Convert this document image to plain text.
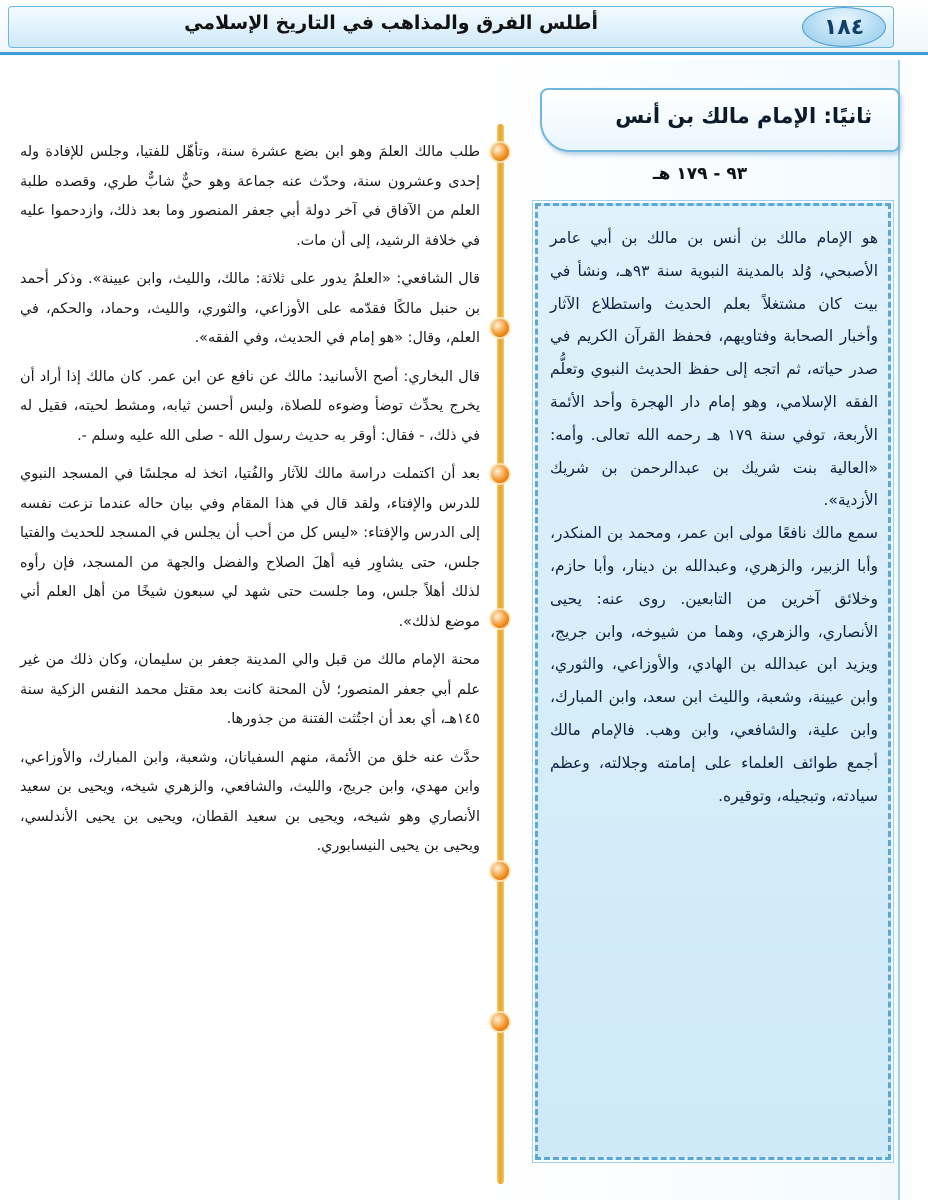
أطلس الفرق والمذاهب في التاريخ الإسلامي	١٨٤

طلب مالك العلمَ وهو ابن بضع عشرة سنة، وتأهّل للفتيا، وجلس للإفادة وله إحدى وعشرون سنة، وحدّث عنه جماعة وهو حيٌّ شابٌّ طري، وقصده طلبة العلم من الآفاق في آخر دولة أبي جعفر المنصور وما بعد ذلك، وازدحموا عليه في خلافة الرشيد، إلى أن مات.

قال الشافعي: «العلمُ يدور على ثلاثة: مالك، والليث، وابن عيينة». وذكر أحمد بن حنبل مالكًا فقدّمه على الأوزاعي، والثوري، والليث، وحماد، والحكم، في العلم، وقال: «هو إمام في الحديث، وفي الفقه».

قال البخاري: أصح الأسانيد: مالك عن نافع عن ابن عمر. كان مالك إذا أراد أن يخرج يحدِّث توضأ وضوءه للصلاة، ولبس أحسن ثيابه، ومشط لحيته، فقيل له في ذلك، - فقال: أوقر به حديث رسول الله - صلى الله عليه وسلم -.

بعد أن اكتملت دراسة مالك للآثار والفُتيا، اتخذ له مجلسًا في المسجد النبوي للدرس والإفتاء، ولقد قال في هذا المقام وفي بيان حاله عندما نزعت نفسه إلى الدرس والإفتاء: «ليس كل من أحب أن يجلس في المسجد للحديث والفتيا جلس، حتى يشاوِر فيه أهلَ الصلاح والفضل والجهة من المسجد، فإن رأوه لذلك أهلاً جلس، وما جلست حتى شهد لي سبعون شيخًا من أهل العلم أني موضع لذلك».

محنة الإمام مالك من قبل والي المدينة جعفر بن سليمان، وكان ذلك من غير علم أبي جعفر المنصور؛ لأن المحنة كانت بعد مقتل محمد النفس الزكية سنة ١٤٥هـ، أي بعد أن اجتُثت الفتنة من جذورها.

حدَّث عنه خلق من الأئمة، منهم السفيانان، وشعبة، وابن المبارك، والأوزاعي، وابن مهدي، وابن جريج، والليث، والشافعي، والزهري شيخه، ويحيى بن سعيد الأنصاري وهو شيخه، ويحيى بن سعيد القطان، ويحيى بن يحيى الأندلسي، ويحيى بن يحيى النيسابوري.

ثانيًا: الإمام مالك بن أنس
٩٣ - ١٧٩ هـ

هو الإمام مالك بن أنس بن مالك بن أبي عامر الأصبحي، وُلد بالمدينة النبوية سنة ٩٣هـ، ونشأ في بيت كان مشتغلاً بعلم الحديث واستطلاع الآثار وأخبار الصحابة وفتاويهم، فحفظ القرآن الكريم في صدر حياته، ثم اتجه إلى حفظ الحديث النبوي وتعلُّم الفقه الإسلامي، وهو إمام دار الهجرة وأحد الأئمة الأربعة، توفي سنة ١٧٩ هـ رحمه الله تعالى. وأمه: «العالية بنت شريك بن عبدالرحمن بن شريك الأزدية».

سمع مالك نافعًا مولى ابن عمر، ومحمد بن المنكدر، وأبا الزبير، والزهري، وعبدالله بن دينار، وأبا حازم، وخلائق آخرين من التابعين. روى عنه: يحيى الأنصاري، والزهري، وهما من شيوخه، وابن جريج، ويزيد ابن عبدالله بن الهادي، والأوزاعي، والثوري، وابن عيينة، وشعبة، والليث ابن سعد، وابن المبارك، وابن علية، والشافعي، وابن وهب. فالإمام مالك أجمع طوائف العلماء على إمامته وجلالته، وعظم سيادته، وتبجيله، وتوقيره.
